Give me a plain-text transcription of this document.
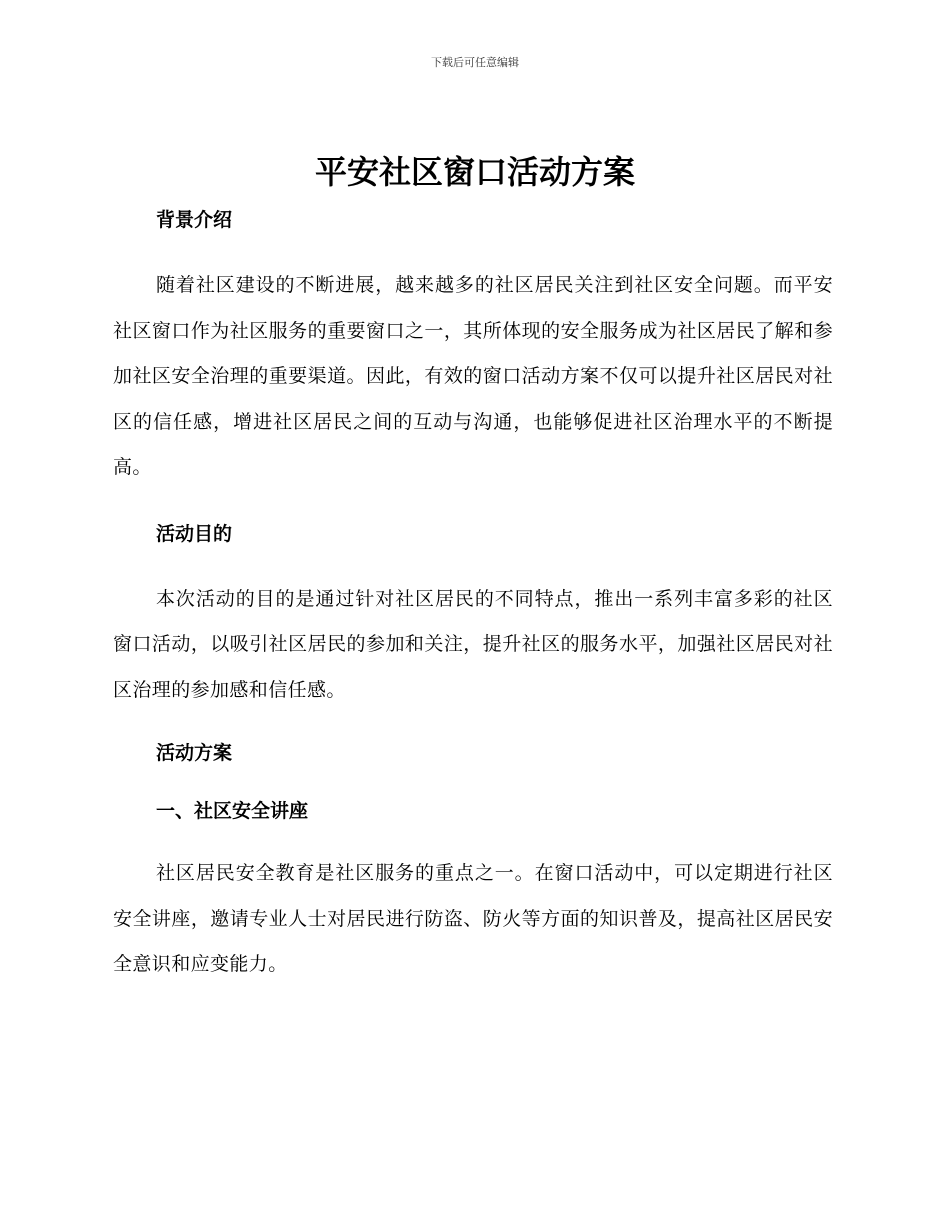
下载后可任意编辑
平安社区窗口活动方案
背景介绍

随着社区建设的不断进展，越来越多的社区居民关注到社区安全问题。而平安社区窗口作为社区服务的重要窗口之一，其所体现的安全服务成为社区居民了解和参加社区安全治理的重要渠道。因此，有效的窗口活动方案不仅可以提升社区居民对社区的信任感，增进社区居民之间的互动与沟通，也能够促进社区治理水平的不断提高。

活动目的

本次活动的目的是通过针对社区居民的不同特点，推出一系列丰富多彩的社区窗口活动，以吸引社区居民的参加和关注，提升社区的服务水平，加强社区居民对社区治理的参加感和信任感。

活动方案
一、社区安全讲座

社区居民安全教育是社区服务的重点之一。在窗口活动中，可以定期进行社区安全讲座，邀请专业人士对居民进行防盗、防火等方面的知识普及，提高社区居民安全意识和应变能力。
